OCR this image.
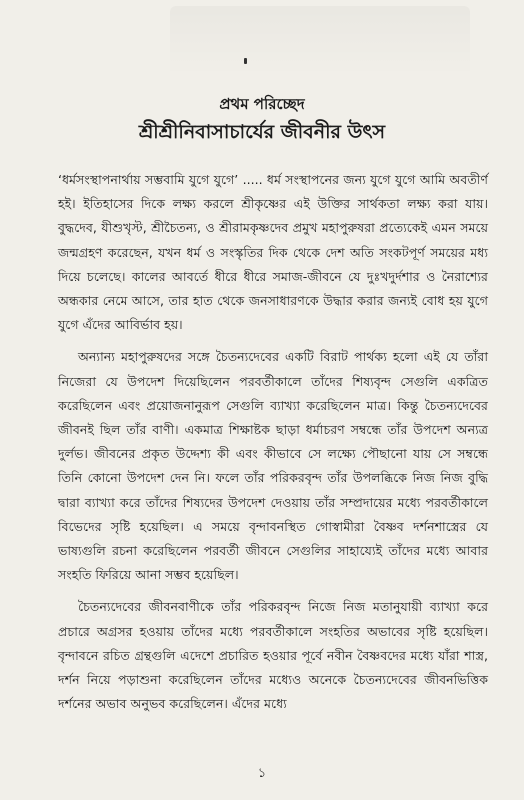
প্রথম পরিচ্ছেদ
শ্রীশ্রীনিবাসাচার্যের জীবনীর উৎস

‘ধর্মসংস্থাপনার্থায় সম্ভবামি যুগে যুগে’ ..... ধর্ম সংস্থাপনের জন্য যুগে যুগে আমি অবতীর্ণ হই। ইতিহাসের দিকে লক্ষ্য করলে শ্রীকৃষ্ণের এই উক্তির সার্থকতা লক্ষ্য করা যায়। বুদ্ধদেব, যীশুখৃস্ট, শ্রীচৈতন্য, ও শ্রীরামকৃষ্ণদেব প্রমুখ মহাপুরুষরা প্রত্যেকেই এমন সময়ে জন্মগ্রহণ করেছেন, যখন ধর্ম ও সংস্কৃতির দিক থেকে দেশ অতি সংকটপূর্ণ সময়ের মধ্য দিয়ে চলেছে। কালের আবর্তে ধীরে ধীরে সমাজ-জীবনে যে দুঃখদুর্দশার ও নৈরাশ্যের অন্ধকার নেমে আসে, তার হাত থেকে জনসাধারণকে উদ্ধার করার জন্যই বোধ হয় যুগে যুগে এঁদের আবির্ভাব হয়।

অন্যান্য মহাপুরুষদের সঙ্গে চৈতন্যদেবের একটি বিরাট পার্থক্য হলো এই যে তাঁরা নিজেরা যে উপদেশ দিয়েছিলেন পরবর্তীকালে তাঁদের শিষ্যবৃন্দ সেগুলি একত্রিত করেছিলেন এবং প্রয়োজনানুরূপ সেগুলি ব্যাখ্যা করেছিলেন মাত্র। কিন্তু চৈতন্যদেবের জীবনই ছিল তাঁর বাণী। একমাত্র শিক্ষাষ্টক ছাড়া ধর্মাচরণ সম্বন্ধে তাঁর উপদেশ অন্যত্র দুর্লভ। জীবনের প্রকৃত উদ্দেশ্য কী এবং কীভাবে সে লক্ষ্যে পৌছানো যায় সে সম্বন্ধে তিনি কোনো উপদেশ দেন নি। ফলে তাঁর পরিকরবৃন্দ তাঁর উপলব্ধিকে নিজ নিজ বুদ্ধি দ্বারা ব্যাখ্যা করে তাঁদের শিষ্যদের উপদেশ দেওয়ায় তাঁর সম্প্রদায়ের মধ্যে পরবর্তীকালে বিভেদের সৃষ্টি হয়েছিল। এ সময়ে বৃন্দাবনস্থিত গোস্বামীরা বৈষ্ণব দর্শনশাস্ত্রের যে ভাষ্যগুলি রচনা করেছিলেন পরবর্তী জীবনে সেগুলির সাহায্যেই তাঁদের মধ্যে আবার সংহতি ফিরিয়ে আনা সম্ভব হয়েছিল।

চৈতন্যদেবের জীবনবাণীকে তাঁর পরিকরবৃন্দ নিজে নিজ মতানুযায়ী ব্যাখ্যা করে প্রচারে অগ্রসর হওয়ায় তাঁদের মধ্যে পরবর্তীকালে সংহতির অভাবের সৃষ্টি হয়েছিল। বৃন্দাবনে রচিত গ্রন্থগুলি এদেশে প্রচারিত হওয়ার পূর্বে নবীন বৈষ্ণবদের মধ্যে যাঁরা শাস্ত্র, দর্শন নিয়ে পড়াশুনা করেছিলেন তাঁদের মধ্যেও অনেকে চৈতন্যদেবের জীবনভিত্তিক দর্শনের অভাব অনুভব করেছিলেন। এঁদের মধ্যে

১
